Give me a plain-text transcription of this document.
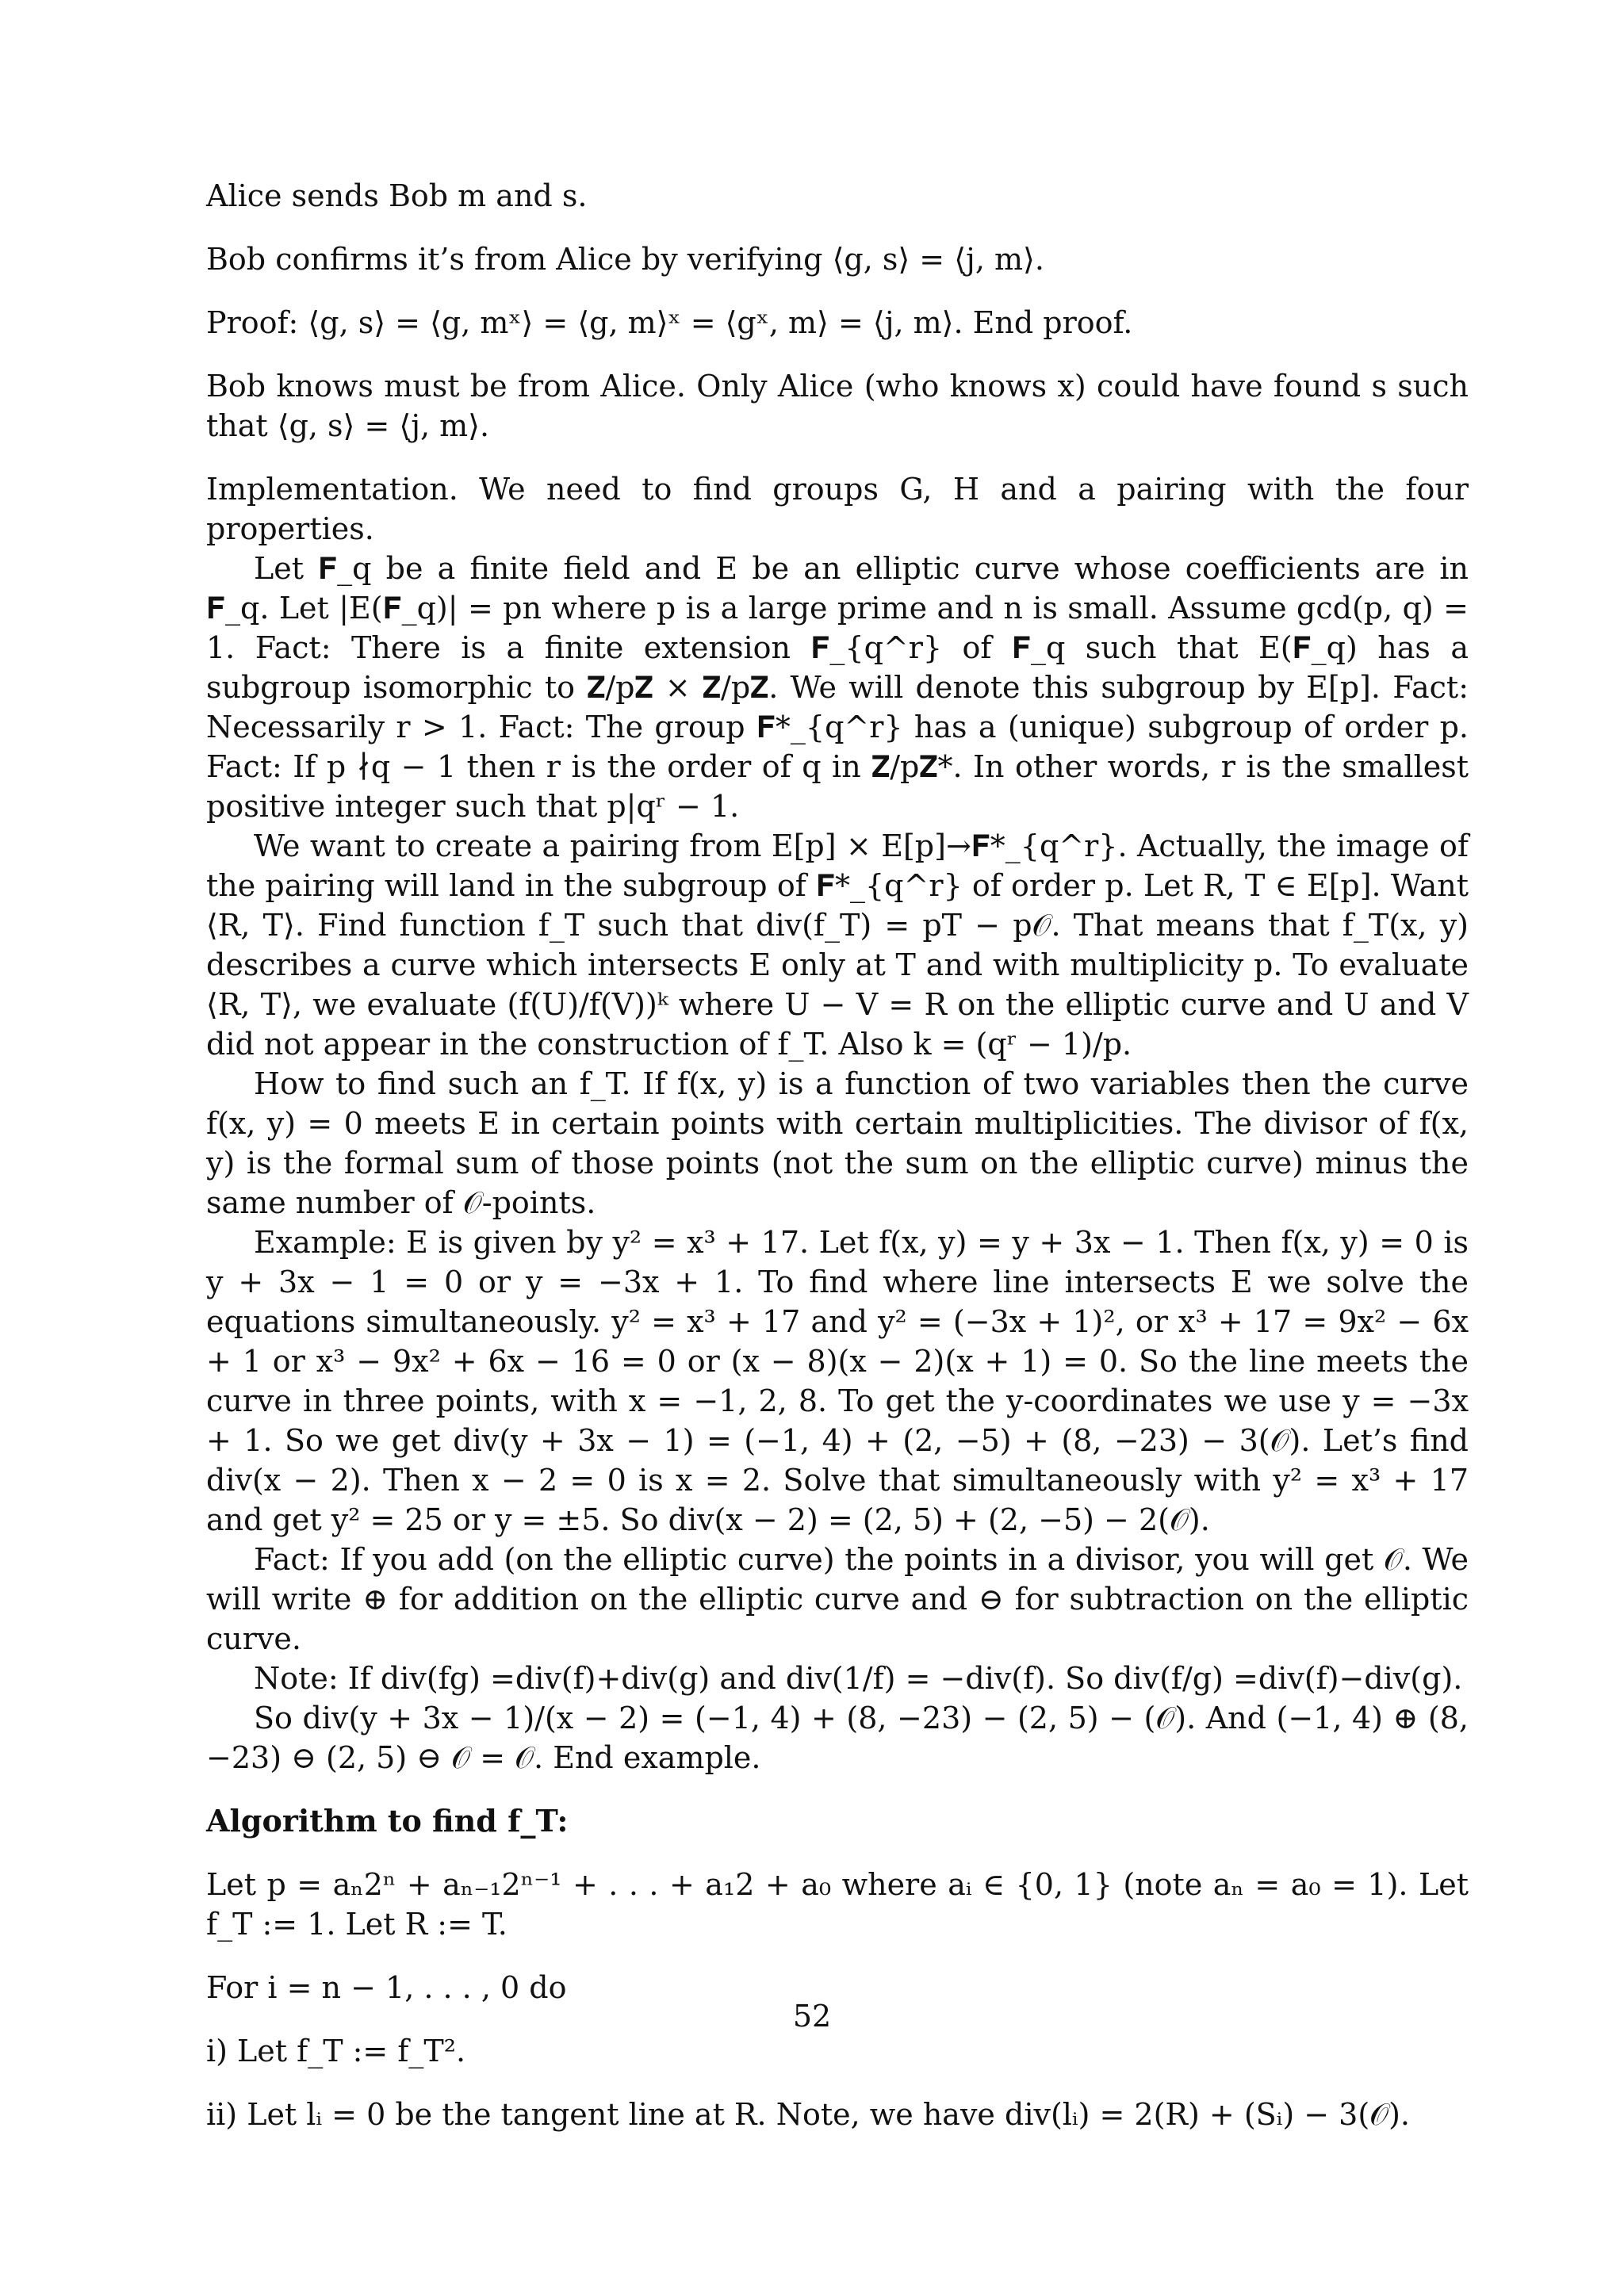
Alice sends Bob m and s.

Bob confirms it’s from Alice by verifying ⟨g, s⟩ = ⟨j, m⟩.

Proof: ⟨g, s⟩ = ⟨g, mˣ⟩ = ⟨g, m⟩ˣ = ⟨gˣ, m⟩ = ⟨j, m⟩. End proof.

Bob knows must be from Alice. Only Alice (who knows x) could have found s such that ⟨g, s⟩ = ⟨j, m⟩.

Implementation. We need to find groups G, H and a pairing with the four properties.

Let 𝐅_q be a finite field and E be an elliptic curve whose coefficients are in 𝐅_q. Let |E(𝐅_q)| = pn where p is a large prime and n is small. Assume gcd(p, q) = 1. Fact: There is a finite extension 𝐅_{q^r} of 𝐅_q such that E(𝐅_q) has a subgroup isomorphic to 𝐙/p𝐙 × 𝐙/p𝐙. We will denote this subgroup by E[p]. Fact: Necessarily r > 1. Fact: The group 𝐅*_{q^r} has a (unique) subgroup of order p. Fact: If p ∤q − 1 then r is the order of q in 𝐙/p𝐙*. In other words, r is the smallest positive integer such that p|qʳ − 1.

We want to create a pairing from E[p] × E[p]→𝐅*_{q^r}. Actually, the image of the pairing will land in the subgroup of 𝐅*_{q^r} of order p. Let R, T ∈ E[p]. Want ⟨R, T⟩. Find function f_T such that div(f_T) = pT − p𝒪. That means that f_T(x, y) describes a curve which intersects E only at T and with multiplicity p. To evaluate ⟨R, T⟩, we evaluate (f(U)/f(V))ᵏ where U − V = R on the elliptic curve and U and V did not appear in the construction of f_T. Also k = (qʳ − 1)/p.

How to find such an f_T. If f(x, y) is a function of two variables then the curve f(x, y) = 0 meets E in certain points with certain multiplicities. The divisor of f(x, y) is the formal sum of those points (not the sum on the elliptic curve) minus the same number of 𝒪-points.

Example: E is given by y² = x³ + 17. Let f(x, y) = y + 3x − 1. Then f(x, y) = 0 is y + 3x − 1 = 0 or y = −3x + 1. To find where line intersects E we solve the equations simultaneously. y² = x³ + 17 and y² = (−3x + 1)², or x³ + 17 = 9x² − 6x + 1 or x³ − 9x² + 6x − 16 = 0 or (x − 8)(x − 2)(x + 1) = 0. So the line meets the curve in three points, with x = −1, 2, 8. To get the y-coordinates we use y = −3x + 1. So we get div(y + 3x − 1) = (−1, 4) + (2, −5) + (8, −23) − 3(𝒪). Let’s find div(x − 2). Then x − 2 = 0 is x = 2. Solve that simultaneously with y² = x³ + 17 and get y² = 25 or y = ±5. So div(x − 2) = (2, 5) + (2, −5) − 2(𝒪).

Fact: If you add (on the elliptic curve) the points in a divisor, you will get 𝒪. We will write ⊕ for addition on the elliptic curve and ⊖ for subtraction on the elliptic curve.

Note: If div(fg) =div(f)+div(g) and div(1/f) = −div(f). So div(f/g) =div(f)−div(g).

So div(y + 3x − 1)/(x − 2) = (−1, 4) + (8, −23) − (2, 5) − (𝒪). And (−1, 4) ⊕ (8, −23) ⊖ (2, 5) ⊖ 𝒪 = 𝒪. End example.

Algorithm to find f_T:

Let p = aₙ2ⁿ + aₙ₋₁2ⁿ⁻¹ + . . . + a₁2 + a₀ where aᵢ ∈ {0, 1} (note aₙ = a₀ = 1). Let f_T := 1. Let R := T.

For i = n − 1, . . . , 0 do

i) Let f_T := f_T².

ii) Let lᵢ = 0 be the tangent line at R. Note, we have div(lᵢ) = 2(R) + (Sᵢ) − 3(𝒪).

52
